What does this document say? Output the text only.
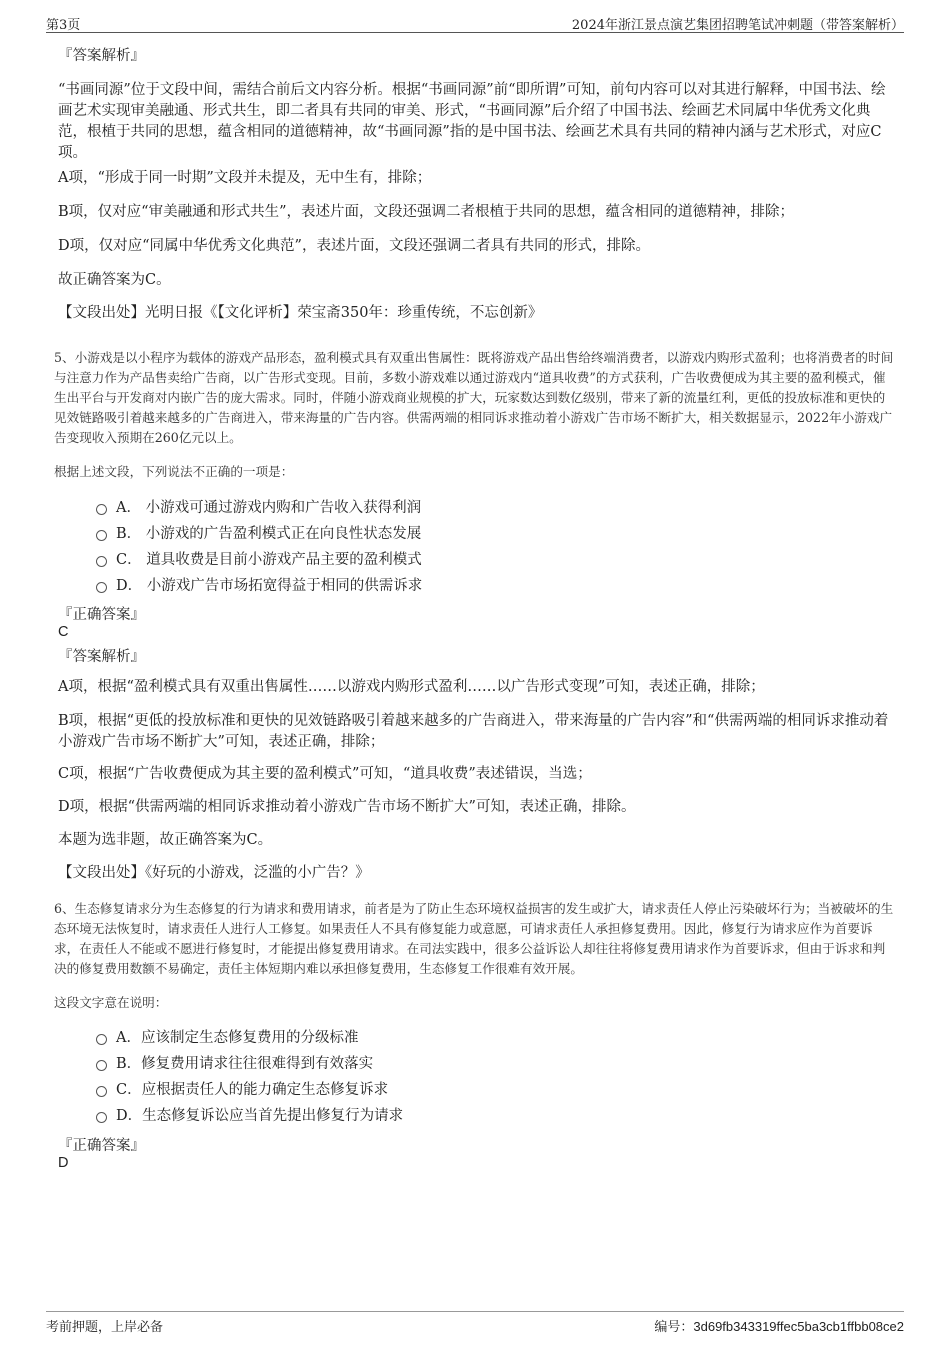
第3页	2024年浙江景点演艺集团招聘笔试冲刺题（带答案解析）

『答案解析』

“书画同源”位于文段中间，需结合前后文内容分析。根据“书画同源”前“即所谓”可知，前句内容可以对其进行解释，中国书法、绘画艺术实现审美融通、形式共生，即二者具有共同的审美、形式，“书画同源”后介绍了中国书法、绘画艺术同属中华优秀文化典范，根植于共同的思想，蕴含相同的道德精神，故“书画同源”指的是中国书法、绘画艺术具有共同的精神内涵与艺术形式，对应C项。

A项，“形成于同一时期”文段并未提及，无中生有，排除；

B项，仅对应“审美融通和形式共生”，表述片面，文段还强调二者根植于共同的思想，蕴含相同的道德精神，排除；

D项，仅对应“同属中华优秀文化典范”，表述片面，文段还强调二者具有共同的形式，排除。

故正确答案为C。

【文段出处】光明日报《【文化评析】荣宝斋350年：珍重传统，不忘创新》

5、小游戏是以小程序为载体的游戏产品形态，盈利模式具有双重出售属性：既将游戏产品出售给终端消费者，以游戏内购形式盈利；也将消费者的时间与注意力作为产品售卖给广告商，以广告形式变现。目前，多数小游戏难以通过游戏内“道具收费”的方式获利，广告收费便成为其主要的盈利模式，催生出平台与开发商对内嵌广告的庞大需求。同时，伴随小游戏商业规模的扩大，玩家数达到数亿级别，带来了新的流量红利，更低的投放标准和更快的见效链路吸引着越来越多的广告商进入，带来海量的广告内容。供需两端的相同诉求推动着小游戏广告市场不断扩大，相关数据显示，2022年小游戏广告变现收入预期在260亿元以上。

根据上述文段，下列说法不正确的一项是：

A． 小游戏可通过游戏内购和广告收入获得利润
B． 小游戏的广告盈利模式正在向良性状态发展
C． 道具收费是目前小游戏产品主要的盈利模式
D． 小游戏广告市场拓宽得益于相同的供需诉求
『正确答案』
C
『答案解析』

A项，根据“盈利模式具有双重出售属性……以游戏内购形式盈利……以广告形式变现”可知，表述正确，排除；

B项，根据“更低的投放标准和更快的见效链路吸引着越来越多的广告商进入，带来海量的广告内容”和“供需两端的相同诉求推动着小游戏广告市场不断扩大”可知，表述正确，排除；

C项，根据“广告收费便成为其主要的盈利模式”可知，“道具收费”表述错误，当选；

D项，根据“供需两端的相同诉求推动着小游戏广告市场不断扩大”可知，表述正确，排除。

本题为选非题，故正确答案为C。

【文段出处】《好玩的小游戏，泛滥的小广告？》

6、生态修复请求分为生态修复的行为请求和费用请求，前者是为了防止生态环境权益损害的发生或扩大，请求责任人停止污染破坏行为；当被破坏的生态环境无法恢复时，请求责任人进行人工修复。如果责任人不具有修复能力或意愿，可请求责任人承担修复费用。因此，修复行为请求应作为首要诉求，在责任人不能或不愿进行修复时，才能提出修复费用请求。在司法实践中，很多公益诉讼人却往往将修复费用请求作为首要诉求，但由于诉求和判决的修复费用数额不易确定，责任主体短期内难以承担修复费用，生态修复工作很难有效开展。

这段文字意在说明：

A．应该制定生态修复费用的分级标准
B．修复费用请求往往很难得到有效落实
C．应根据责任人的能力确定生态修复诉求
D．生态修复诉讼应当首先提出修复行为请求
『正确答案』
D
考前押题，上岸必备	编号：3d69fb343319ffec5ba3cb1ffbb08ce2
